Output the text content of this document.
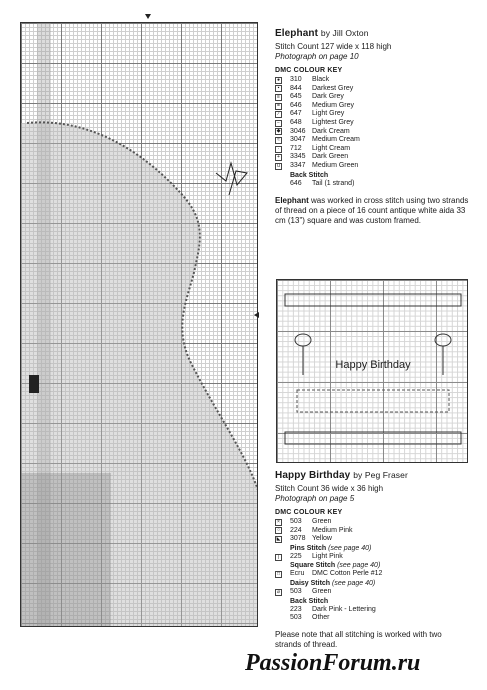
Elephant by Jill Oxton
Stitch Count 127 wide x 118 high
Photograph on page 10
DMC COLOUR KEY
● 310	Black
▪	844	Darkest Grey
≡ 645	Dark Grey
= 646	Medium Grey
∕	647	Light Grey
− 648	Lightest Grey
◆ 3046 Dark Cream
≈	3047 Medium Cream
·	712	Light Cream
+ 3345 Dark Green
u	3347 Medium Green
Back Stitch
646	Tail (1 strand)

Elephant was worked in cross stitch using two strands of thread on a piece of 16 count antique white aida 33 cm (13") square and was custom framed.

Happy Birthday
Happy Birthday by Peg Fraser
Stitch Count 36 wide x 36 high
Photograph on page 5
DMC COLOUR KEY
× 503	Green
○ 224	Medium Pink
◣ 3078 Yellow
Pins Stitch (see page 40)
|	225	Light Pink
Square Stitch (see page 40)
□ Ecru	DMC Cotton Perle #12
Daisy Stitch (see page 40)
⌀ 503	Green
Back Stitch
223	Dark Pink - Lettering
503	Other

Please note that all stitching is worked with two strands of thread.

PassionForum.ru
